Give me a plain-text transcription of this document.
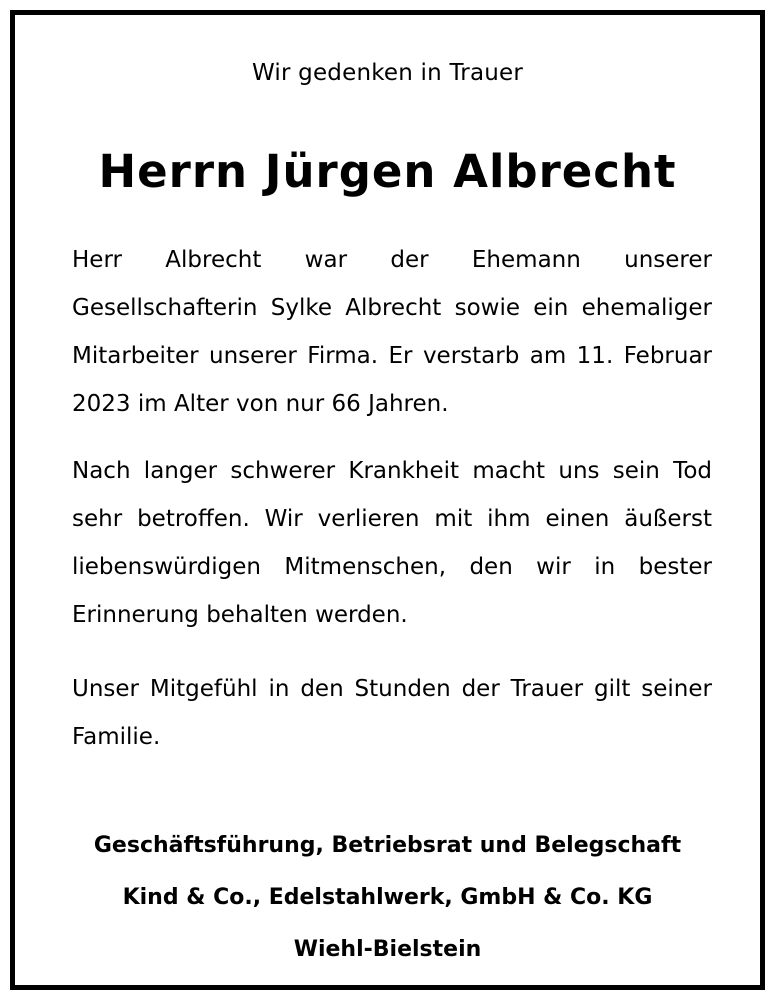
Wir gedenken in Trauer
Herrn Jürgen Albrecht
Herr Albrecht war der Ehemann unserer Gesellschafterin Sylke Albrecht sowie ein ehemaliger Mitarbeiter unserer Firma. Er verstarb am 11. Februar 2023 im Alter von nur 66 Jahren.
Nach langer schwerer Krankheit macht uns sein Tod sehr betroffen. Wir verlieren mit ihm einen äußerst liebenswürdigen Mitmenschen, den wir in bester Erinnerung behalten werden.
Unser Mitgefühl in den Stunden der Trauer gilt seiner Familie.
Geschäftsführung, Betriebsrat und Belegschaft
Kind & Co., Edelstahlwerk, GmbH & Co. KG
Wiehl-Bielstein
